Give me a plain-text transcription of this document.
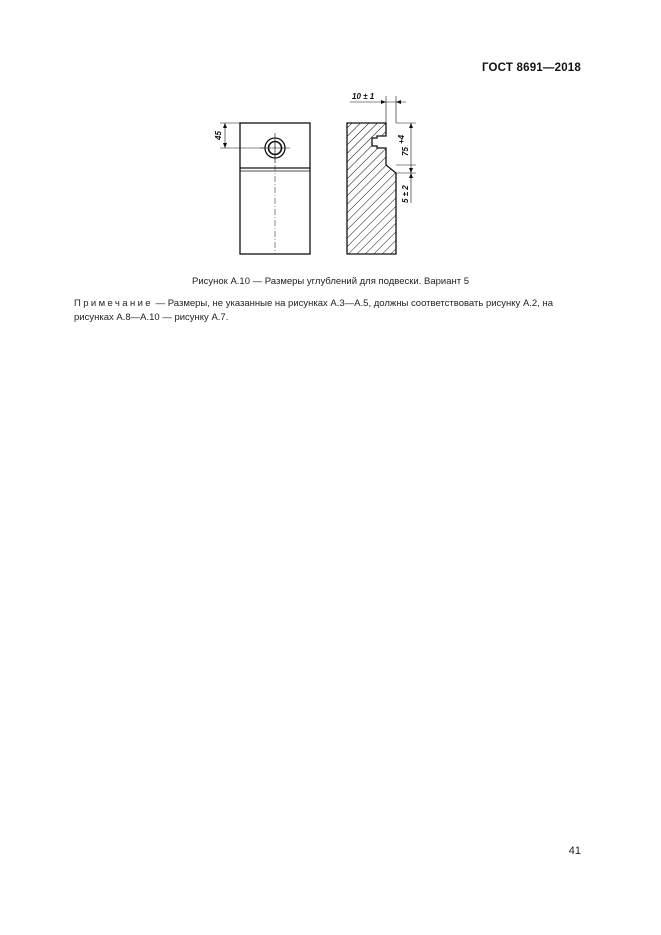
ГОСТ 8691—2018
45
10 ± 1
75
+4
5 ± 2
Рисунок А.10 — Размеры углублений для подвески. Вариант 5
Примечание — Размеры, не указанные на рисунках А.3—А.5, должны соответствовать рисунку А.2, на рисунках А.8—А.10 — рисунку А.7.
41
